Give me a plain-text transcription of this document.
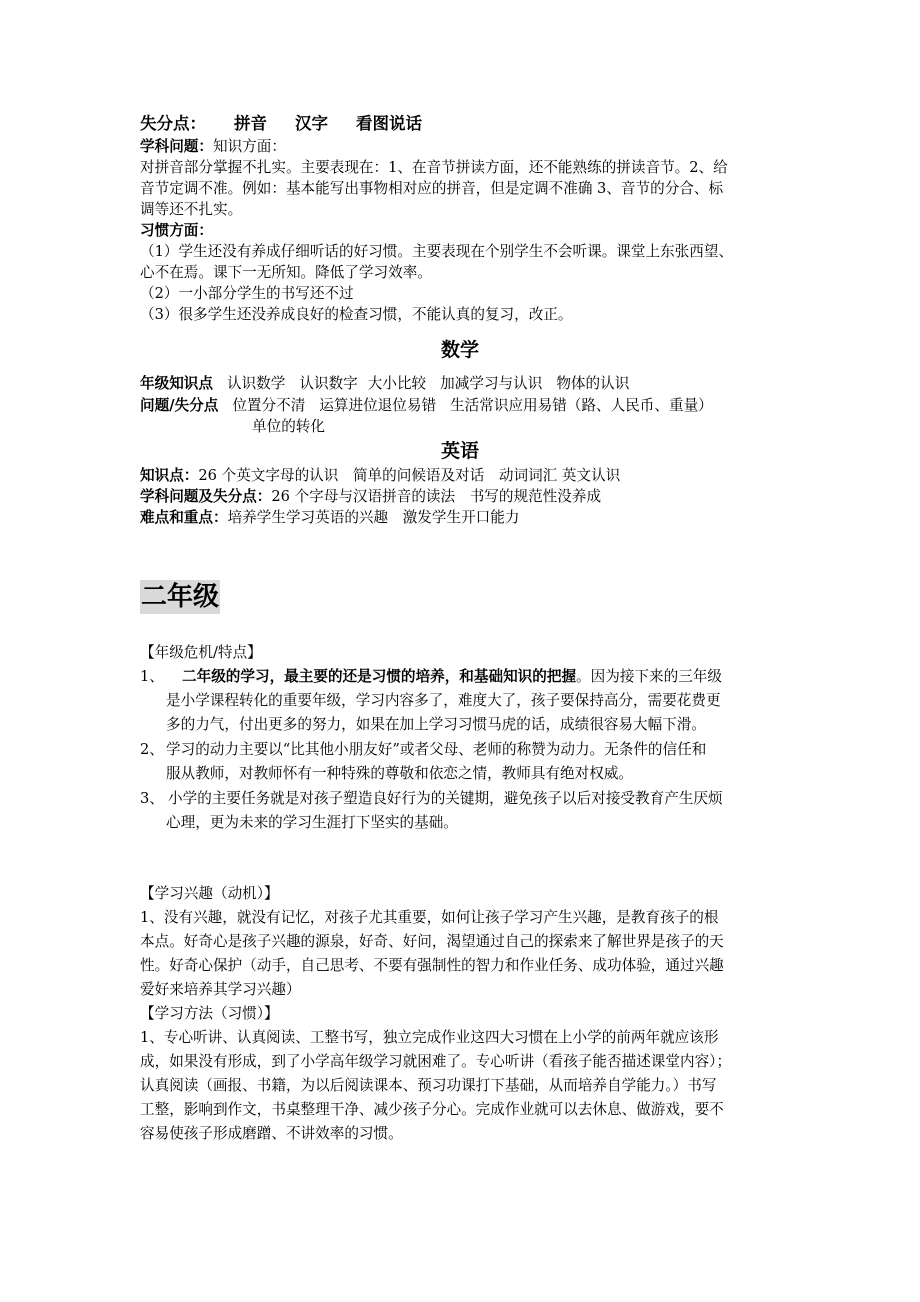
失分点： 拼音 汉字 看图说话
学科问题：知识方面：
对拼音部分掌握不扎实。主要表现在：1、在音节拼读方面，还不能熟练的拼读音节。2、给
音节定调不准。例如：基本能写出事物相对应的拼音，但是定调不准确 3、音节的分合、标
调等还不扎实。
习惯方面：
（1）学生还没有养成仔细听话的好习惯。主要表现在个别学生不会听课。课堂上东张西望、
心不在焉。课下一无所知。降低了学习效率。
（2）一小部分学生的书写还不过
（3）很多学生还没养成良好的检查习惯，不能认真的复习，改正。
数学
年级知识点 认识数学 认识数字 大小比较 加减学习与认识 物体的认识
问题/失分点 位置分不清 运算进位退位易错 生活常识应用易错（路、人民币、重量）
单位的转化
英语
知识点：26 个英文字母的认识　简单的问候语及对话　动词词汇 英文认识
学科问题及失分点：26 个字母与汉语拼音的读法　书写的规范性没养成
难点和重点：培养学生学习英语的兴趣　激发学生开口能力
二年级
【年级危机/特点】
1、 二年级的学习，最主要的还是习惯的培养，和基础知识的把握。因为接下来的三年级
是小学课程转化的重要年级，学习内容多了，难度大了，孩子要保持高分，需要花费更
多的力气，付出更多的努力，如果在加上学习习惯马虎的话，成绩很容易大幅下滑。
2、 学习的动力主要以“比其他小朋友好”或者父母、老师的称赞为动力。无条件的信任和
服从教师，对教师怀有一种特殊的尊敬和依恋之情，教师具有绝对权威。
3、 小学的主要任务就是对孩子塑造良好行为的关键期，避免孩子以后对接受教育产生厌烦
心理，更为未来的学习生涯打下坚实的基础。
【学习兴趣（动机）】
1、没有兴趣，就没有记忆，对孩子尤其重要，如何让孩子学习产生兴趣，是教育孩子的根
本点。好奇心是孩子兴趣的源泉，好奇、好问，渴望通过自己的探索来了解世界是孩子的天
性。好奇心保护（动手，自己思考、不要有强制性的智力和作业任务、成功体验，通过兴趣
爱好来培养其学习兴趣）
【学习方法（习惯）】
1、专心听讲、认真阅读、工整书写，独立完成作业这四大习惯在上小学的前两年就应该形
成，如果没有形成，到了小学高年级学习就困难了。专心听讲（看孩子能否描述课堂内容）；
认真阅读（画报、书籍，为以后阅读课本、预习功课打下基础，从而培养自学能力。）书写
工整，影响到作文，书桌整理干净、减少孩子分心。完成作业就可以去休息、做游戏，要不
容易使孩子形成磨蹭、不讲效率的习惯。
